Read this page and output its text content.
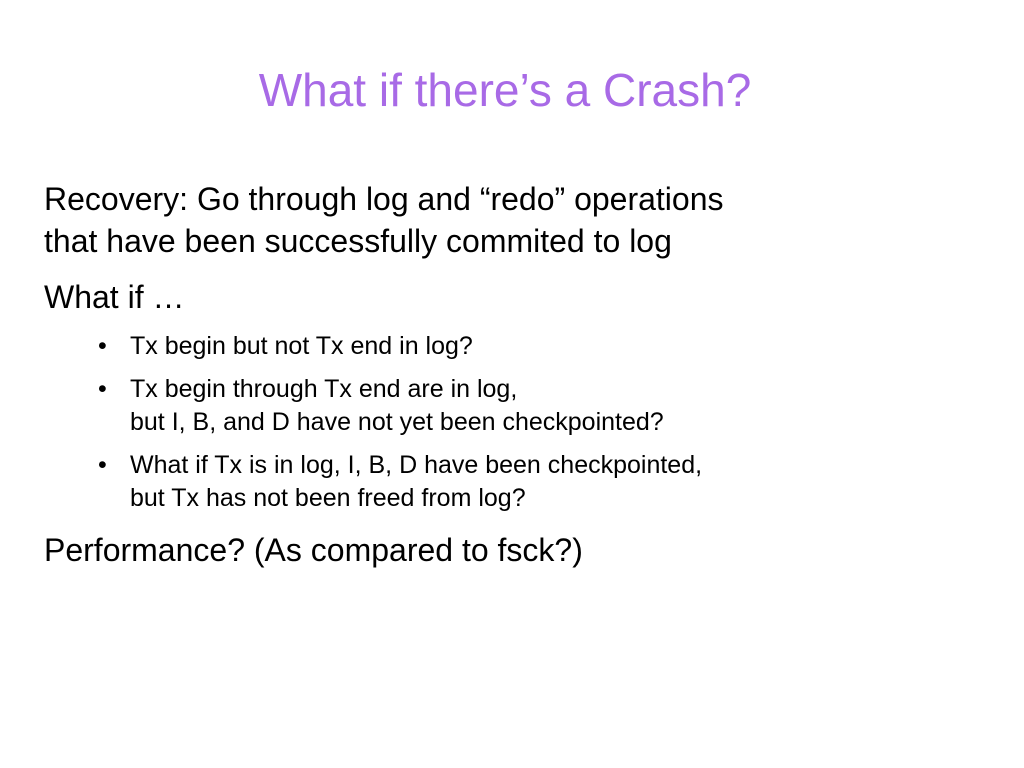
What if there’s a Crash?
Recovery: Go through log and “redo” operations
that have been successfully commited to log
What if …
• Tx begin but not Tx end in log?
• Tx begin through Tx end are in log,
but I, B, and D have not yet been checkpointed?
• What if Tx is in log, I, B, D have been checkpointed,
but Tx has not been freed from log?
Performance? (As compared to fsck?)
